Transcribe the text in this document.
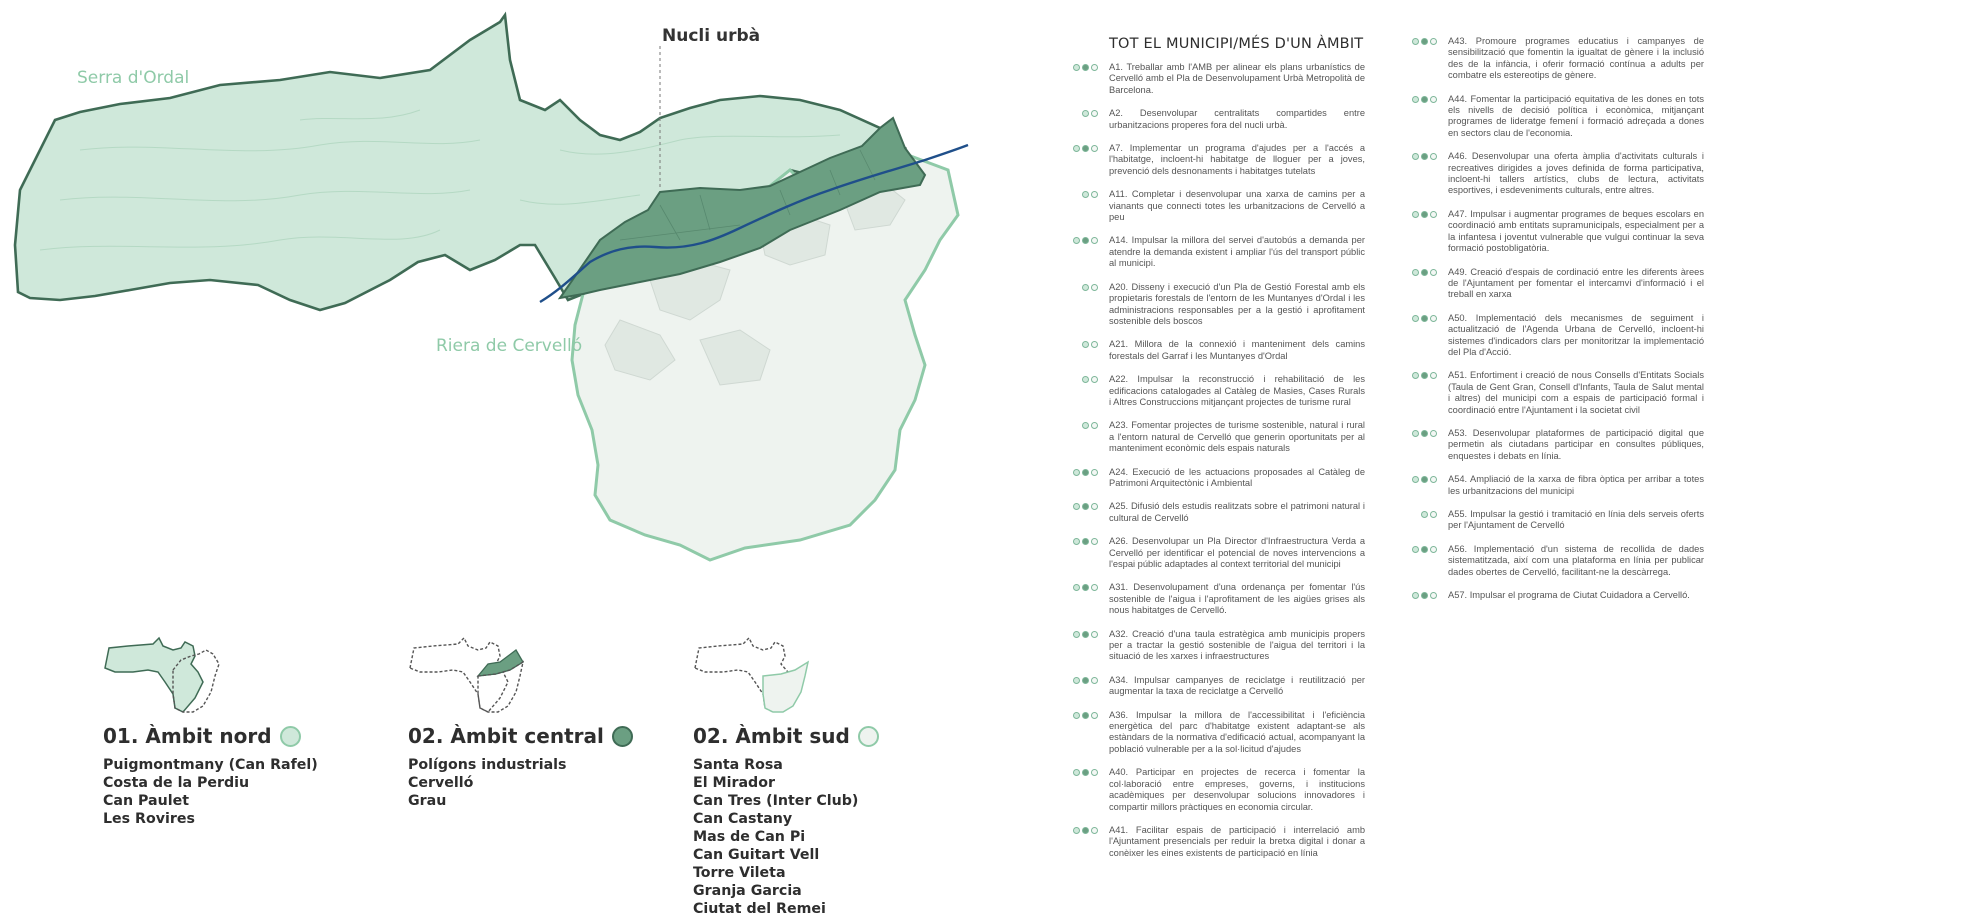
Serra d'Ordal
Nucli urbà
Riera de Cervelló
01. Àmbit nord
Puigmontmany (Can Rafel)
Costa de la Perdiu
Can Paulet
Les Rovires
02. Àmbit central
Polígons industrials
Cervelló
Grau
02. Àmbit sud
Santa Rosa
El Mirador
Can Tres (Inter Club)
Can Castany
Mas de Can Pi
Can Guitart Vell
Torre Vileta
Granja Garcia
Ciutat del Remei
TOT EL MUNICIPI/MÉS D'UN ÀMBIT
A1. Treballar amb l'AMB per alinear els plans urbanístics de Cervelló amb el Pla de Desenvolupament Urbà Metropolità de Barcelona.
A2. Desenvolupar centralitats compartides entre urbanitzacions properes fora del nucli urbà.
A7. Implementar un programa d'ajudes per a l'accés a l'habitatge, incloent-hi habitatge de lloguer per a joves, prevenció dels desnonaments i habitatges tutelats
A11. Completar i desenvolupar una xarxa de camins per a vianants que connecti totes les urbanitzacions de Cervelló a peu
A14. Impulsar la millora del servei d'autobús a demanda per atendre la demanda existent i ampliar l'ús del transport públic al municipi.
A20. Disseny i execució d'un Pla de Gestió Forestal amb els propietaris forestals de l'entorn de les Muntanyes d'Ordal i les administracions responsables per a la gestió i aprofitament sostenible dels boscos
A21. Millora de la connexió i manteniment dels camins forestals del Garraf i les Muntanyes d'Ordal
A22. Impulsar la reconstrucció i rehabilitació de les edificacions catalogades al Catàleg de Masies, Cases Rurals i Altres Construccions mitjançant projectes de turisme rural
A23. Fomentar projectes de turisme sostenible, natural i rural a l'entorn natural de Cervelló que generin oportunitats per al manteniment econòmic dels espais naturals
A24. Execució de les actuacions proposades al Catàleg de Patrimoni Arquitectònic i Ambiental
A25. Difusió dels estudis realitzats sobre el patrimoni natural i cultural de Cervelló
A26. Desenvolupar un Pla Director d'Infraestructura Verda a Cervelló per identificar el potencial de noves intervencions a l'espai públic adaptades al context territorial del municipi
A31. Desenvolupament d'una ordenança per fomentar l'ús sostenible de l'aigua i l'aprofitament de les aigües grises als nous habitatges de Cervelló.
A32. Creació d'una taula estratègica amb municipis propers per a tractar la gestió sostenible de l'aigua del territori i la situació de les xarxes i infraestructures
A34. Impulsar campanyes de reciclatge i reutilització per augmentar la taxa de reciclatge a Cervelló
A36. Impulsar la millora de l'accessibilitat i l'eficiència energètica del parc d'habitatge existent adaptant-se als estàndars de la normativa d'edificació actual, acompanyant la població vulnerable per a la sol·licitud d'ajudes
A40. Participar en projectes de recerca i fomentar la col·laboració entre empreses, governs, i institucions acadèmiques per desenvolupar solucions innovadores i compartir millors pràctiques en economia circular.
A41. Facilitar espais de participació i interrelació amb l'Ajuntament presencials per reduir la bretxa digital i donar a conèixer les eines existents de participació en línia
A43. Promoure programes educatius i campanyes de sensibilització que fomentin la igualtat de gènere i la inclusió des de la infància, i oferir formació contínua a adults per combatre els estereotips de gènere.
A44. Fomentar la participació equitativa de les dones en tots els nivells de decisió política i econòmica, mitjançant programes de lideratge femení i formació adreçada a dones en sectors clau de l'economia.
A46. Desenvolupar una oferta àmplia d'activitats culturals i recreatives dirigides a joves definida de forma participativa, incloent-hi tallers artístics, clubs de lectura, activitats esportives, i esdeveniments culturals, entre altres.
A47. Impulsar i augmentar programes de beques escolars en coordinació amb entitats supramunicipals, especialment per a la infantesa i joventut vulnerable que vulgui continuar la seva formació postobligatòria.
A49. Creació d'espais de cordinació entre les diferents àrees de l'Ajuntament per fomentar el intercamvi d'informació i el treball en xarxa
A50. Implementació dels mecanismes de seguiment i actualització de l'Agenda Urbana de Cervelló, incloent-hi sistemes d'indicadors clars per monitoritzar la implementació del Pla d'Acció.
A51. Enfortiment i creació de nous Consells d'Entitats Socials (Taula de Gent Gran, Consell d'Infants, Taula de Salut mental i altres) del municipi com a espais de participació formal i coordinació entre l'Ajuntament i la societat civil
A53. Desenvolupar plataformes de participació digital que permetin als ciutadans participar en consultes públiques, enquestes i debats en línia.
A54. Ampliació de la xarxa de fibra òptica per arribar a totes les urbanitzacions del municipi
A55. Impulsar la gestió i tramitació en línia dels serveis oferts per l'Ajuntament de Cervelló
A56. Implementació d'un sistema de recollida de dades sistematitzada, així com una plataforma en línia per publicar dades obertes de Cervelló, facilitant-ne la descàrrega.
A57. Impulsar el programa de Ciutat Cuidadora a Cervelló.
